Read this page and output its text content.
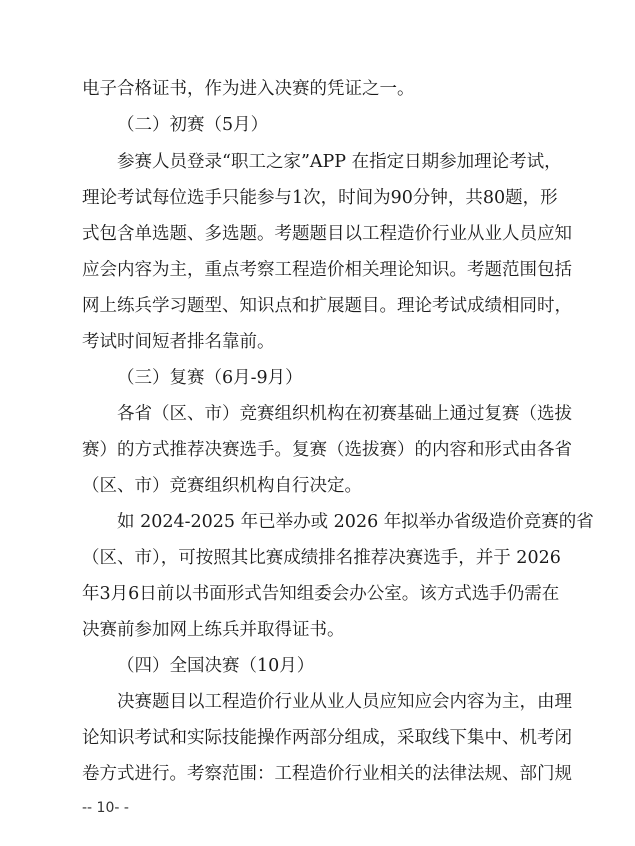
电子合格证书，作为进入决赛的凭证之一。
（二）初赛（5月）
参赛人员登录“职工之家”APP 在指定日期参加理论考试，
理论考试每位选手只能参与1次，时间为90分钟，共80题，形
式包含单选题、多选题。考题题目以工程造价行业从业人员应知
应会内容为主，重点考察工程造价相关理论知识。考题范围包括
网上练兵学习题型、知识点和扩展题目。理论考试成绩相同时，
考试时间短者排名靠前。
（三）复赛（6月-9月）
各省（区、市）竞赛组织机构在初赛基础上通过复赛（选拔
赛）的方式推荐决赛选手。复赛（选拔赛）的内容和形式由各省
（区、市）竞赛组织机构自行决定。
如 2024-2025 年已举办或 2026 年拟举办省级造价竞赛的省
（区、市），可按照其比赛成绩排名推荐决赛选手，并于 2026
年3月6日前以书面形式告知组委会办公室。该方式选手仍需在
决赛前参加网上练兵并取得证书。
（四）全国决赛（10月）
决赛题目以工程造价行业从业人员应知应会内容为主，由理
论知识考试和实际技能操作两部分组成，采取线下集中、机考闭
卷方式进行。考察范围：工程造价行业相关的法律法规、部门规
-- 10- -
